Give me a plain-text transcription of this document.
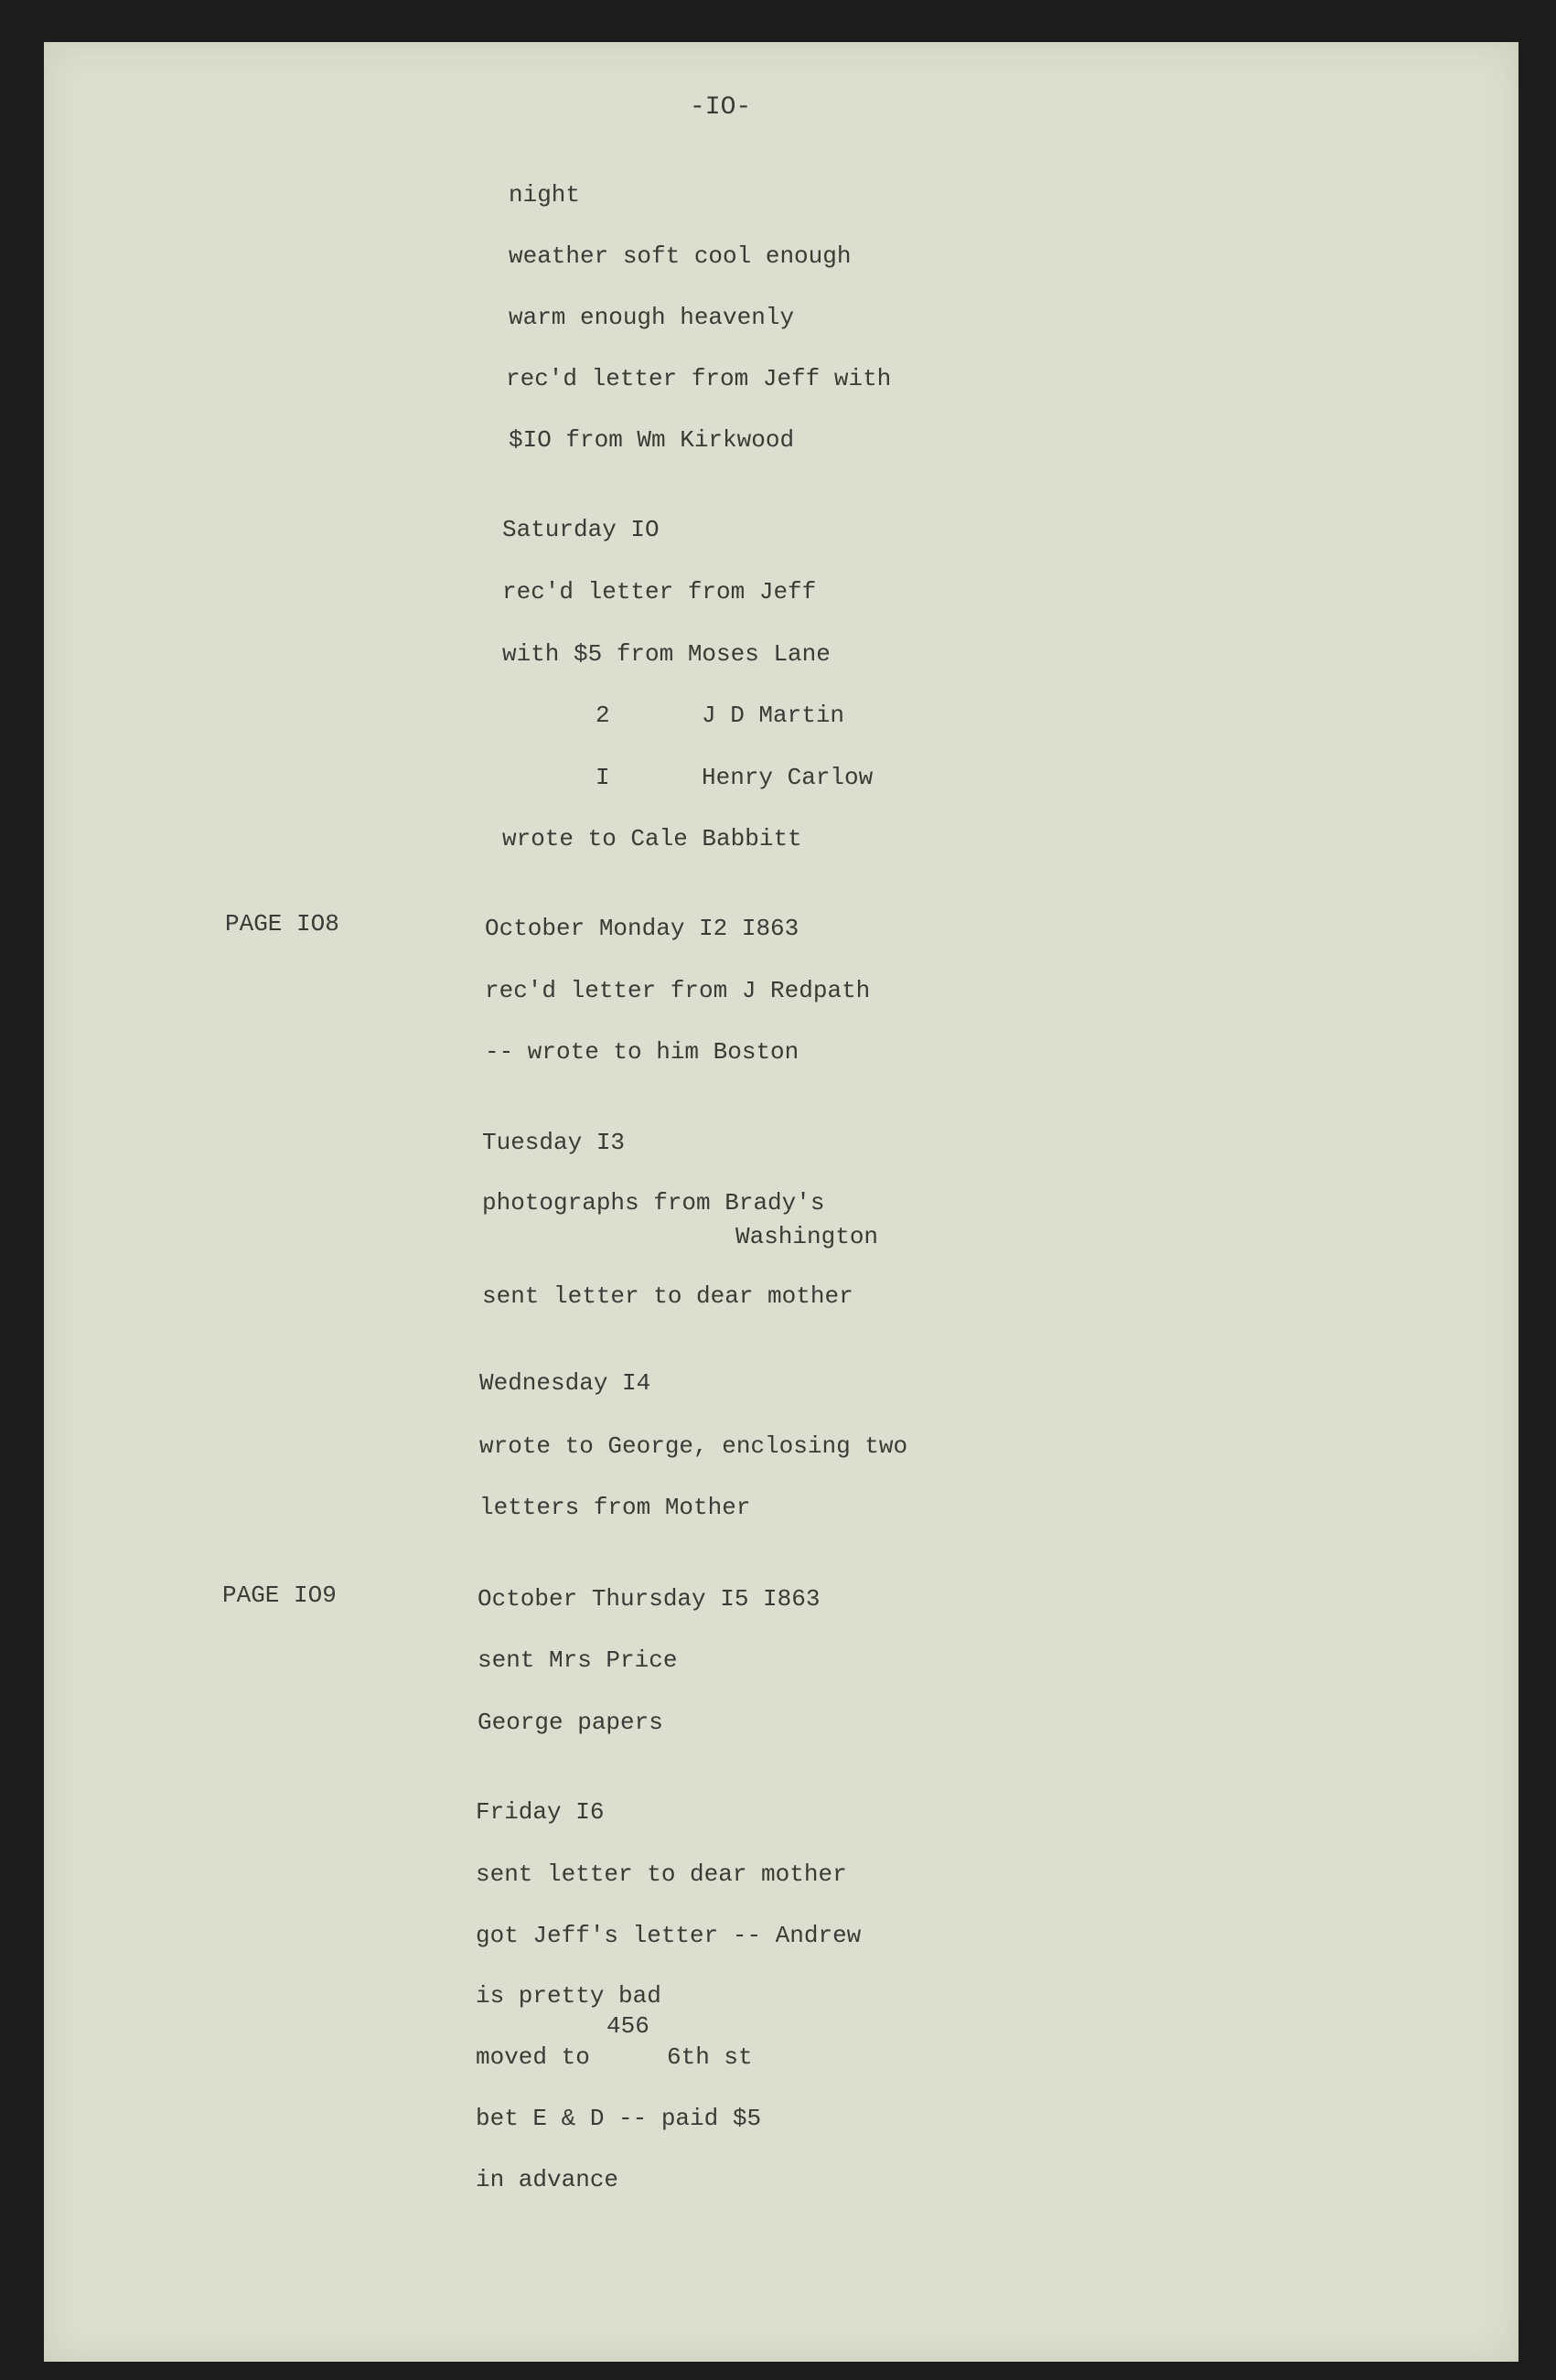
-IO-
night
weather soft cool enough
warm enough heavenly
rec'd letter from Jeff with
$IO from Wm Kirkwood
Saturday IO
rec'd letter from Jeff
with $5 from Moses Lane
2	J D Martin
I	Henry Carlow
wrote to Cale Babbitt
PAGE IO8	October Monday I2 I863
rec'd letter from J Redpath
-- wrote to him Boston
Tuesday I3
photographs from Brady's
Washington
sent letter to dear mother
Wednesday I4
wrote to George, enclosing two
letters from Mother
PAGE IO9	October Thursday I5 I863
sent Mrs Price
George papers
Friday I6
sent letter to dear mother
got Jeff's letter -- Andrew
is pretty bad
456
moved to	6th st
bet E & D -- paid $5
in advance
